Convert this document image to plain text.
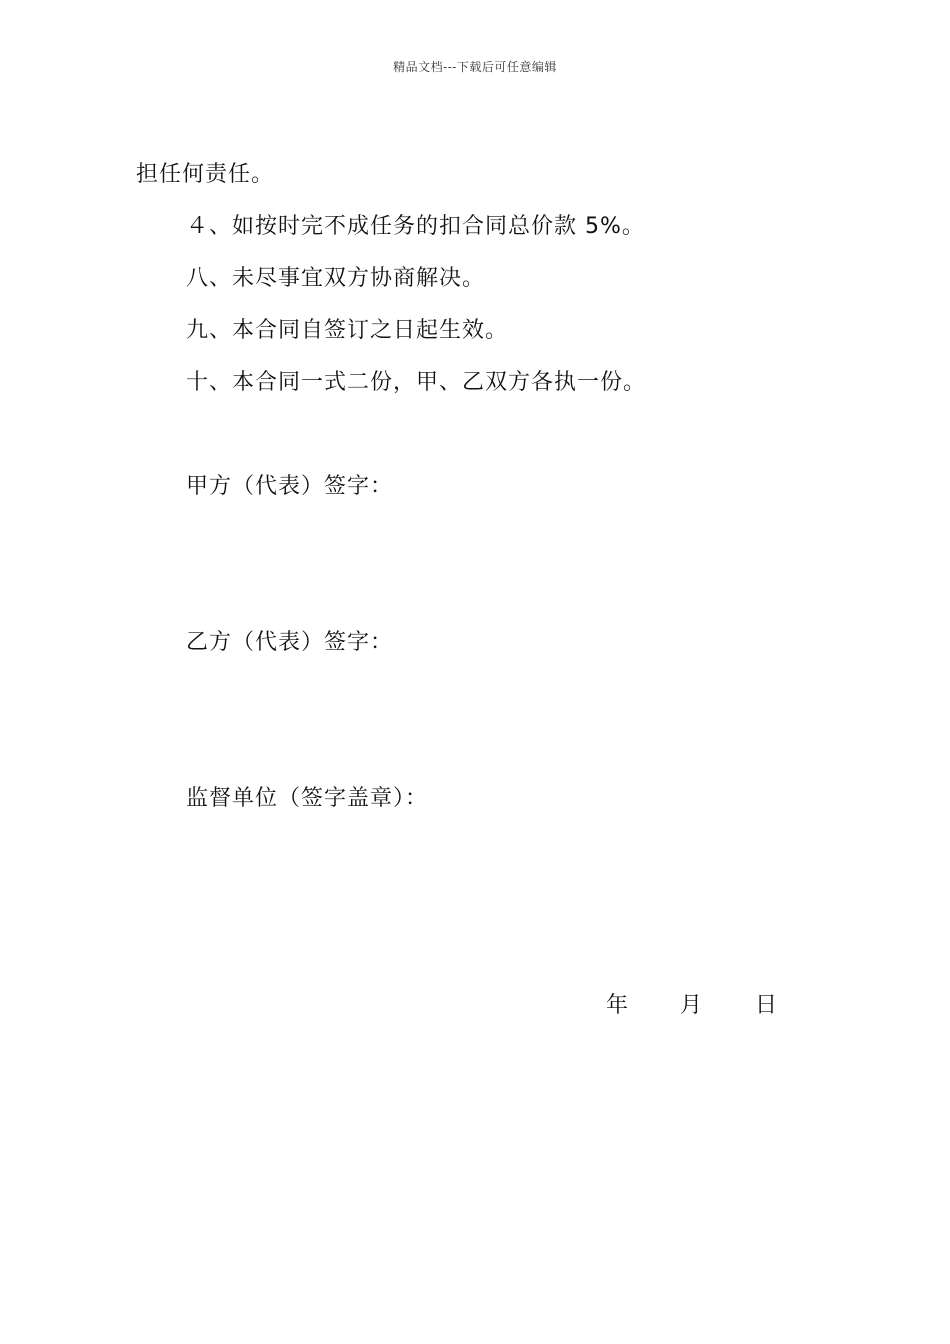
精品文档---下载后可任意编辑
担任何责任。
４、如按时完不成任务的扣合同总价款 5%。
八、未尽事宜双方协商解决。
九、本合同自签订之日起生效。
十、本合同一式二份，甲、乙双方各执一份。
甲方（代表）签字：
乙方（代表）签字：
监督单位（签字盖章）：
年 月 日
